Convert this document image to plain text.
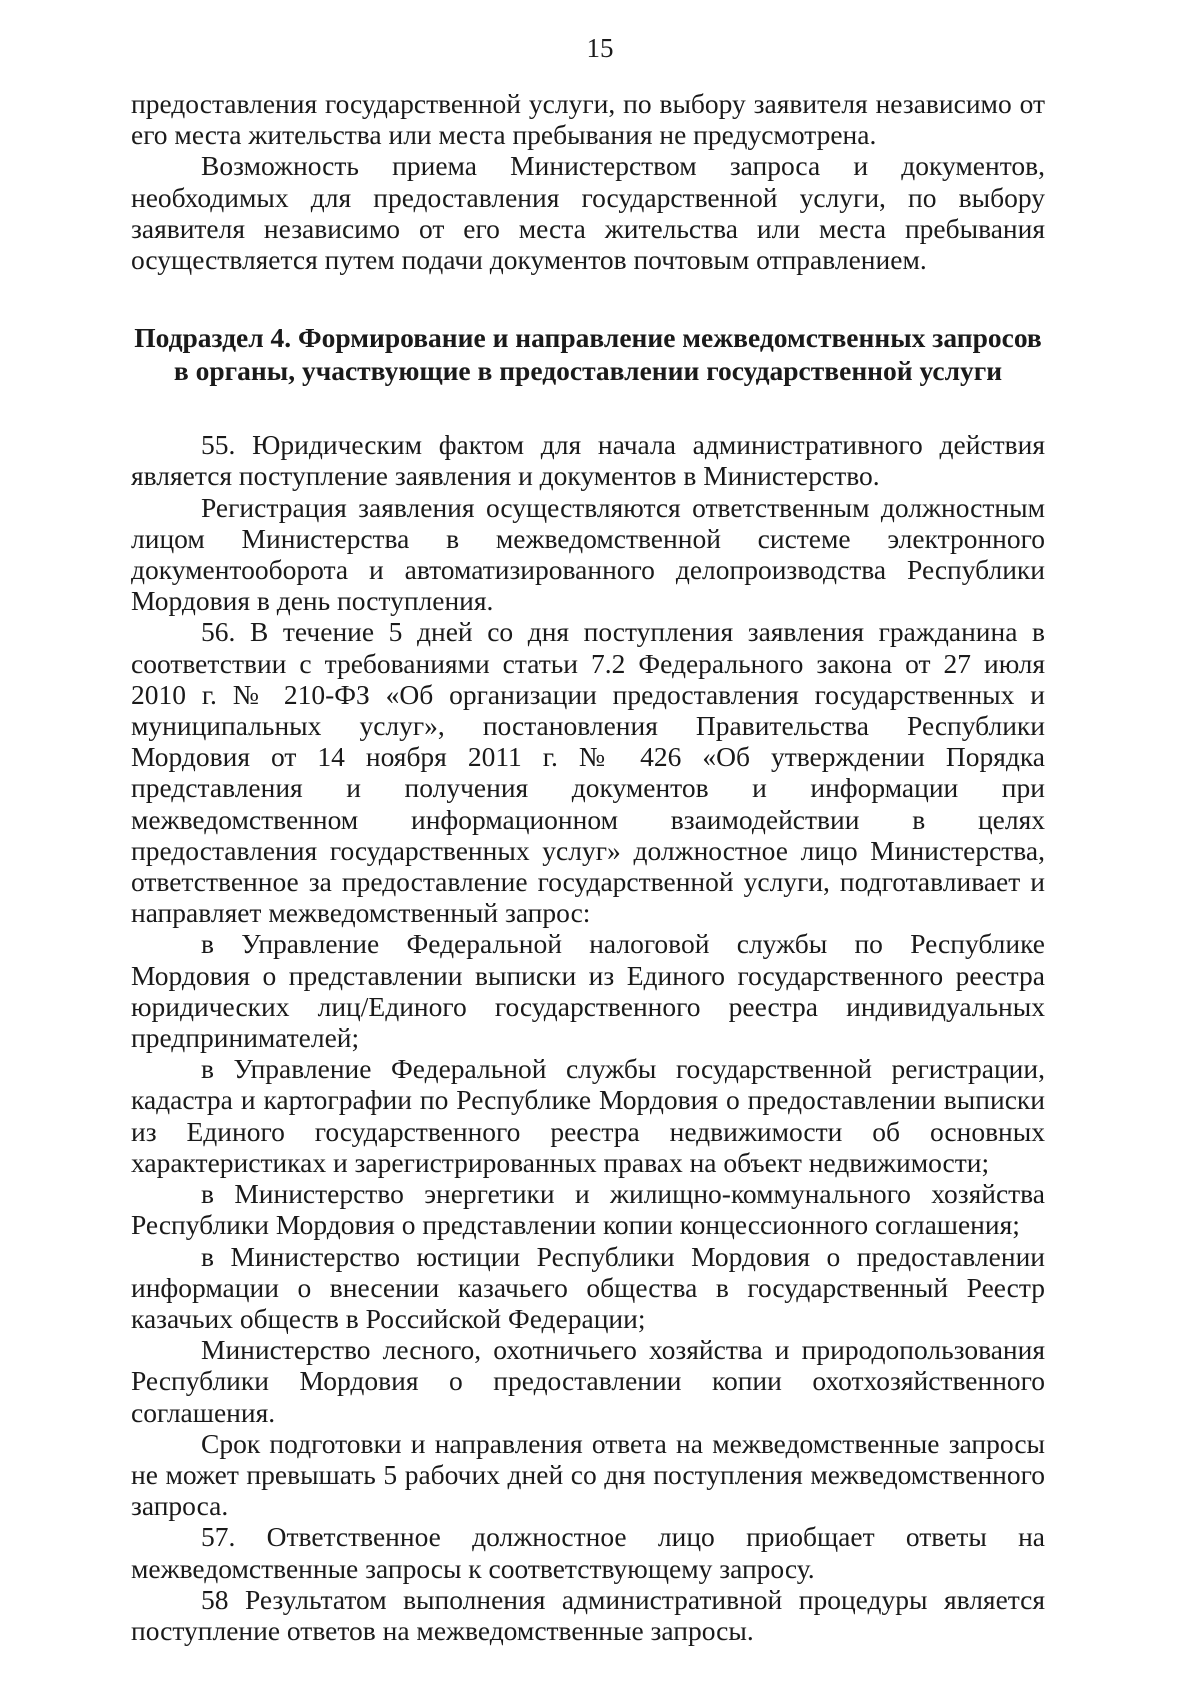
15

предоставления государственной услуги, по выбору заявителя независимо от его места жительства или места пребывания не предусмотрена.

Возможность приема Министерством запроса и документов, необходимых для предоставления государственной услуги, по выбору заявителя независимо от его места жительства или места пребывания осуществляется путем подачи документов почтовым отправлением.

Подраздел 4. Формирование и направление межведомственных запросов в органы, участвующие в предоставлении государственной услуги

55. Юридическим фактом для начала административного действия является поступление заявления и документов в Министерство.

Регистрация заявления осуществляются ответственным должностным лицом Министерства в межведомственной системе электронного документооборота и автоматизированного делопроизводства Республики Мордовия в день поступления.

56. В течение 5 дней со дня поступления заявления гражданина в соответствии с требованиями статьи 7.2 Федерального закона от 27 июля 2010 г. № 210-ФЗ «Об организации предоставления государственных и муниципальных услуг», постановления Правительства Республики Мордовия от 14 ноября 2011 г. № 426 «Об утверждении Порядка представления и получения документов и информации при межведомственном информационном взаимодействии в целях предоставления государственных услуг» должностное лицо Министерства, ответственное за предоставление государственной услуги, подготавливает и направляет межведомственный запрос:

в Управление Федеральной налоговой службы по Республике Мордовия о представлении выписки из Единого государственного реестра юридических лиц/Единого государственного реестра индивидуальных предпринимателей;

в Управление Федеральной службы государственной регистрации, кадастра и картографии по Республике Мордовия о предоставлении выписки из Единого государственного реестра недвижимости об основных характеристиках и зарегистрированных правах на объект недвижимости;

в Министерство энергетики и жилищно-коммунального хозяйства Республики Мордовия о представлении копии концессионного соглашения;

в Министерство юстиции Республики Мордовия о предоставлении информации о внесении казачьего общества в государственный Реестр казачьих обществ в Российской Федерации;

Министерство лесного, охотничьего хозяйства и природопользования Республики Мордовия о предоставлении копии охотхозяйственного соглашения.

Срок подготовки и направления ответа на межведомственные запросы не может превышать 5 рабочих дней со дня поступления межведомственного запроса.

57. Ответственное должностное лицо приобщает ответы на межведомственные запросы к соответствующему запросу.

58 Результатом выполнения административной процедуры является поступление ответов на межведомственные запросы.
